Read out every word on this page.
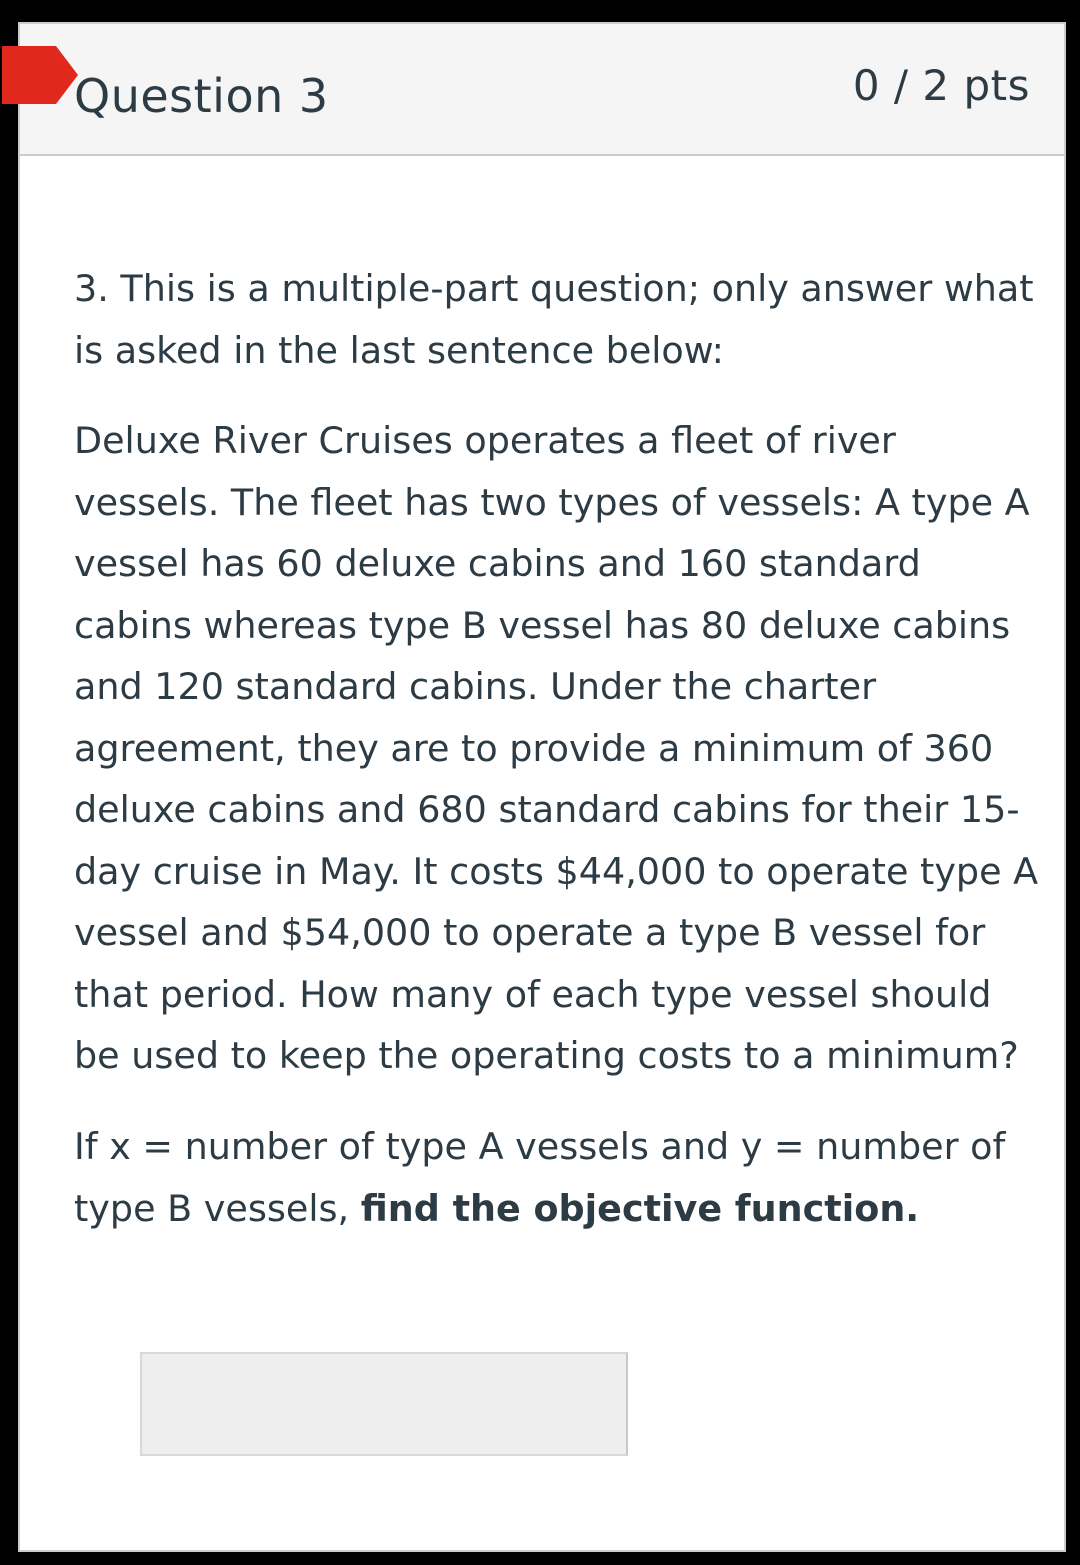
Question 3	0 / 2 pts

3. This is a multiple-part question; only answer what is asked in the last sentence below:

Deluxe River Cruises operates a fleet of river vessels. The fleet has two types of vessels: A type A vessel has 60 deluxe cabins and 160 standard cabins whereas type B vessel has 80 deluxe cabins and 120 standard cabins. Under the charter agreement, they are to provide a minimum of 360 deluxe cabins and 680 standard cabins for their 15-day cruise in May. It costs $44,000 to operate type A vessel and $54,000 to operate a type B vessel for that period. How many of each type vessel should be used to keep the operating costs to a minimum?

If x = number of type A vessels and y = number of type B vessels, find the objective function.
